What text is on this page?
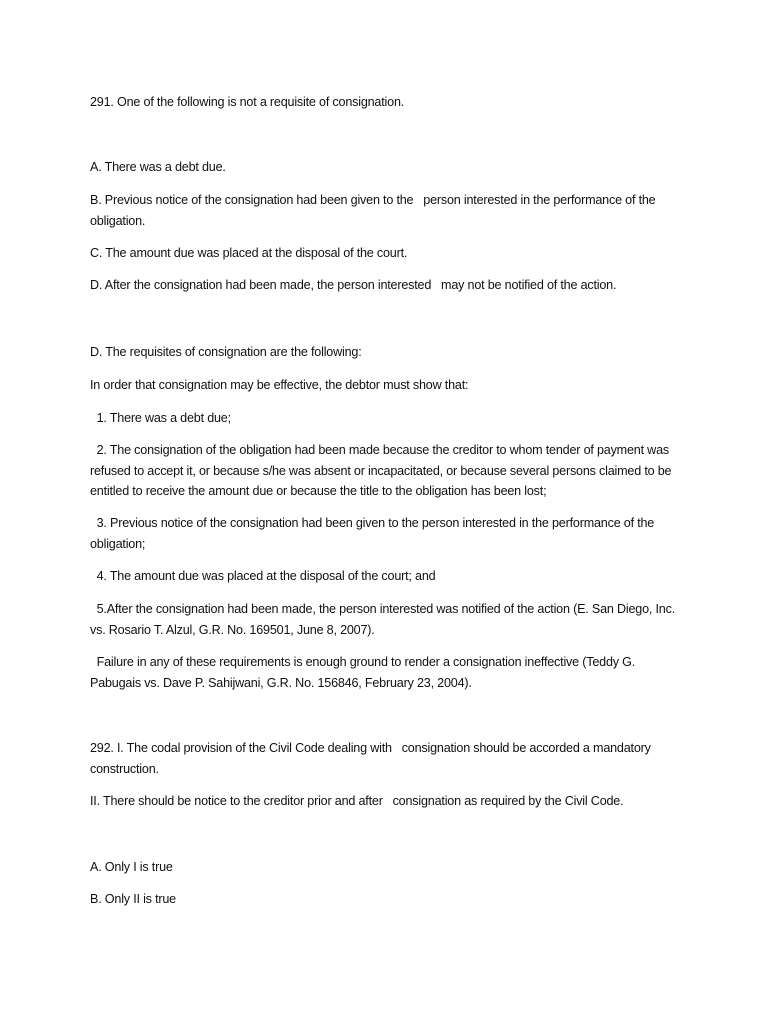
291. One of the following is not a requisite of consignation.

A. There was a debt due.

B. Previous notice of the consignation had been given to the   person interested in the performance of the obligation.

C. The amount due was placed at the disposal of the court.

D. After the consignation had been made, the person interested   may not be notified of the action.

D. The requisites of consignation are the following:

In order that consignation may be effective, the debtor must show that:

1. There was a debt due;

2. The consignation of the obligation had been made because the creditor to whom tender of payment was refused to accept it, or because s/he was absent or incapacitated, or because several persons claimed to be entitled to receive the amount due or because the title to the obligation has been lost;

3. Previous notice of the consignation had been given to the person interested in the performance of the obligation;

4. The amount due was placed at the disposal of the court; and

5.After the consignation had been made, the person interested was notified of the action (E. San Diego, Inc. vs. Rosario T. Alzul, G.R. No. 169501, June 8, 2007).

Failure in any of these requirements is enough ground to render a consignation ineffective (Teddy G. Pabugais vs. Dave P. Sahijwani, G.R. No. 156846, February 23, 2004).

292. I. The codal provision of the Civil Code dealing with   consignation should be accorded a mandatory construction.

II. There should be notice to the creditor prior and after   consignation as required by the Civil Code.

A. Only I is true

B. Only II is true
